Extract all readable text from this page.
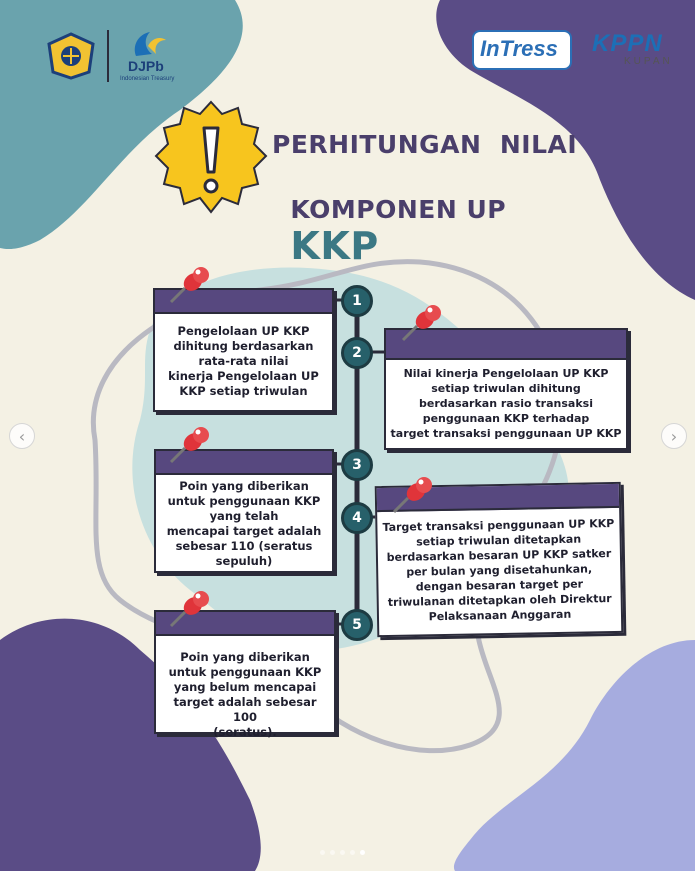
DJPb
Indonesian Treasury
InTress KPPN
KUPAN
PERHITUNGAN  NILAI

KOMPONEN UP
KKP

1
2
3
4
5
Pengelolaan UP KKP
dihitung berdasarkan
rata-rata nilai
kinerja Pengelolaan UP
KKP setiap triwulan
Nilai kinerja Pengelolaan UP KKP
setiap triwulan dihitung
berdasarkan rasio transaksi
penggunaan KKP terhadap
target transaksi penggunaan UP KKP
Poin yang diberikan
untuk penggunaan KKP
yang telah
mencapai target adalah
sebesar 110 (seratus
sepuluh)
Target transaksi penggunaan UP KKP
setiap triwulan ditetapkan
berdasarkan besaran UP KKP satker
per bulan yang disetahunkan,
dengan besaran target per
triwulanan ditetapkan oleh Direktur
Pelaksanaan Anggaran
Poin yang diberikan
untuk penggunaan KKP
yang belum mencapai
target adalah sebesar 100
(seratus).
‹	›
